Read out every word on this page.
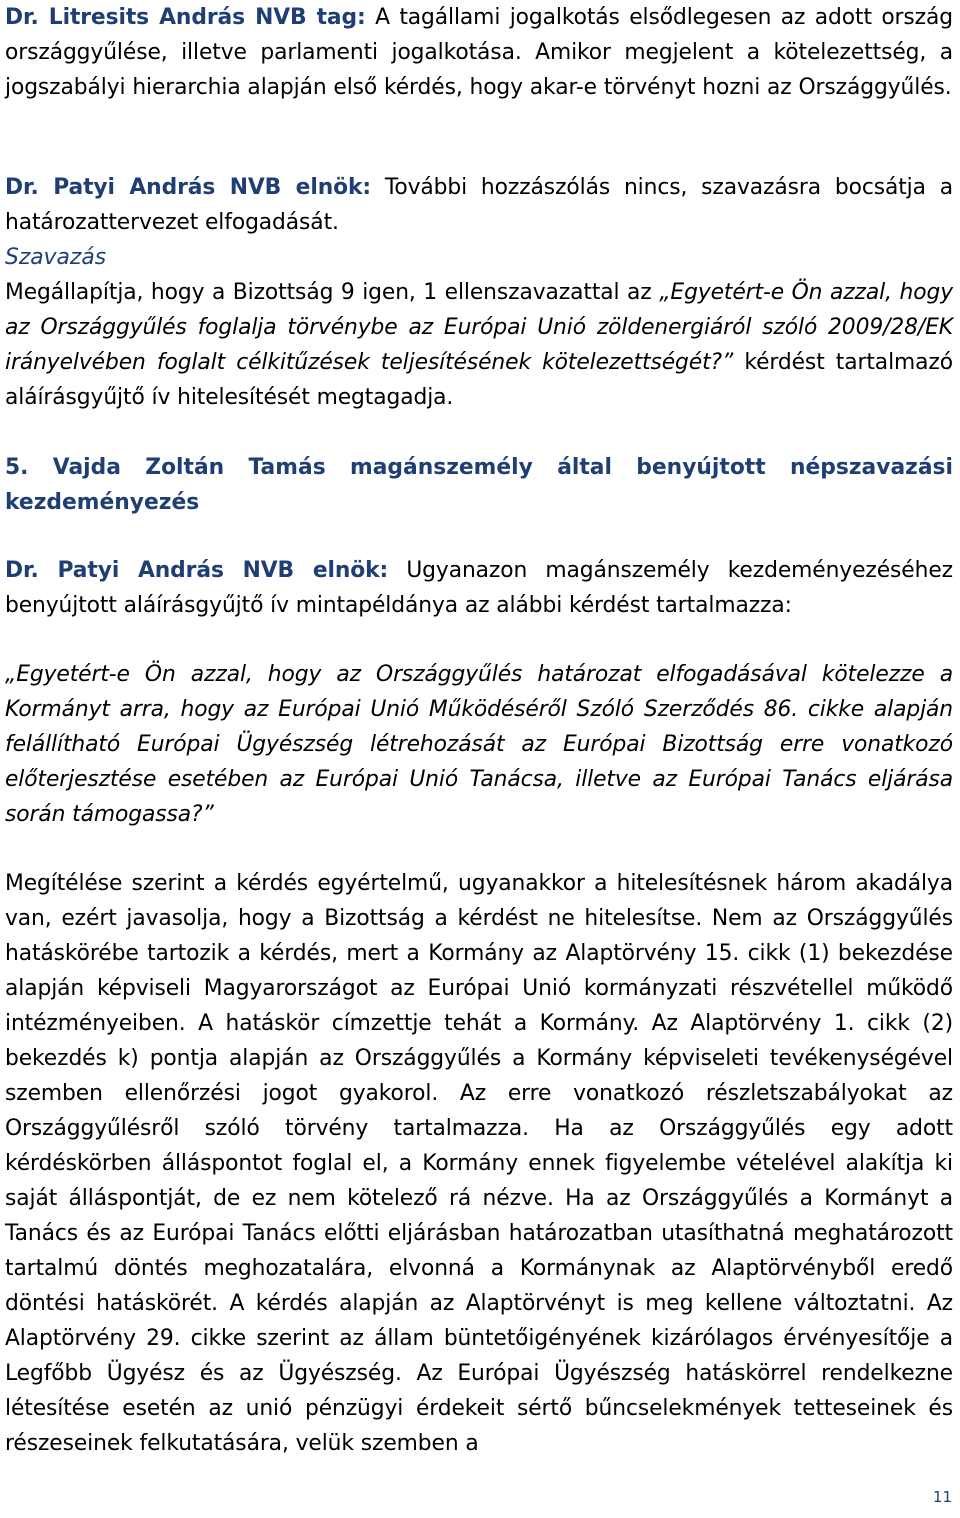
Dr. Litresits András NVB tag: A tagállami jogalkotás elsődlegesen az adott ország országgyűlése, illetve parlamenti jogalkotása. Amikor megjelent a kötelezettség, a jogszabályi hierarchia alapján első kérdés, hogy akar-e törvényt hozni az Országgyűlés.

Dr. Patyi András NVB elnök: További hozzászólás nincs, szavazásra bocsátja a határozattervezet elfogadását.

Szavazás

Megállapítja, hogy a Bizottság 9 igen, 1 ellenszavazattal az „Egyetért-e Ön azzal, hogy az Országgyűlés foglalja törvénybe az Európai Unió zöldenergiáról szóló 2009/28/EK irányelvében foglalt célkitűzések teljesítésének kötelezettségét?” kérdést tartalmazó aláírásgyűjtő ív hitelesítését megtagadja.

5. Vajda Zoltán Tamás magánszemély által benyújtott népszavazási kezdeményezés

Dr. Patyi András NVB elnök: Ugyanazon magánszemély kezdeményezéséhez benyújtott aláírásgyűjtő ív mintapéldánya az alábbi kérdést tartalmazza:

„Egyetért-e Ön azzal, hogy az Országgyűlés határozat elfogadásával kötelezze a Kormányt arra, hogy az Európai Unió Működéséről Szóló Szerződés 86. cikke alapján felállítható Európai Ügyészség létrehozását az Európai Bizottság erre vonatkozó előterjesztése esetében az Európai Unió Tanácsa, illetve az Európai Tanács eljárása során támogassa?”

Megítélése szerint a kérdés egyértelmű, ugyanakkor a hitelesítésnek három akadálya van, ezért javasolja, hogy a Bizottság a kérdést ne hitelesítse. Nem az Országgyűlés hatáskörébe tartozik a kérdés, mert a Kormány az Alaptörvény 15. cikk (1) bekezdése alapján képviseli Magyarországot az Európai Unió kormányzati részvétellel működő intézményeiben. A hatáskör címzettje tehát a Kormány. Az Alaptörvény 1. cikk (2) bekezdés k) pontja alapján az Országgyűlés a Kormány képviseleti tevékenységével szemben ellenőrzési jogot gyakorol. Az erre vonatkozó részletszabályokat az Országgyűlésről szóló törvény tartalmazza. Ha az Országgyűlés egy adott kérdéskörben álláspontot foglal el, a Kormány ennek figyelembe vételével alakítja ki saját álláspontját, de ez nem kötelező rá nézve. Ha az Országgyűlés a Kormányt a Tanács és az Európai Tanács előtti eljárásban határozatban utasíthatná meghatározott tartalmú döntés meghozatalára, elvonná a Kormánynak az Alaptörvényből eredő döntési hatáskörét. A kérdés alapján az Alaptörvényt is meg kellene változtatni. Az Alaptörvény 29. cikke szerint az állam büntetőigényének kizárólagos érvényesítője a Legfőbb Ügyész és az Ügyészség. Az Európai Ügyészség hatáskörrel rendelkezne létesítése esetén az unió pénzügyi érdekeit sértő bűncselekmények tetteseinek és részeseinek felkutatására, velük szemben a

11
